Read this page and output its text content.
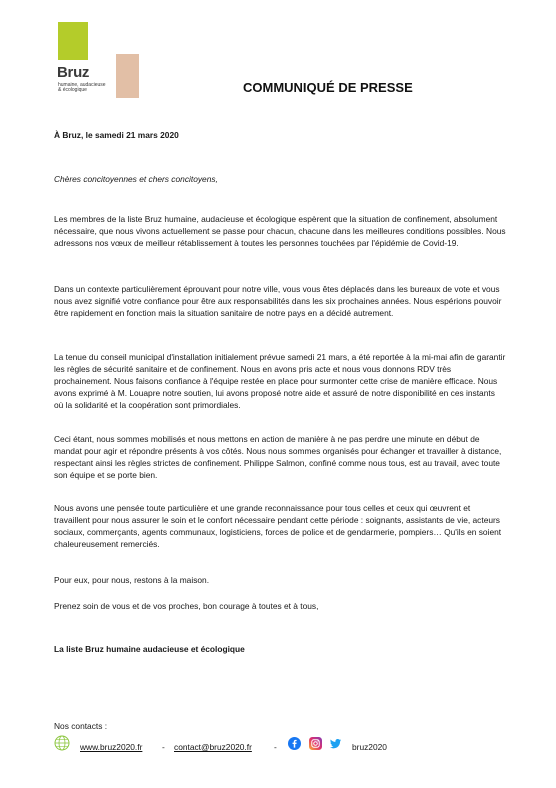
Bruz
humaine, audacieuse
& écologique	COMMUNIQUÉ DE PRESSE
À Bruz, le samedi 21 mars 2020
Chères concitoyennes et chers concitoyens,
Les membres de la liste Bruz humaine, audacieuse et écologique espèrent que la situation de confinement, absolument nécessaire, que nous vivons actuellement se passe pour chacun, chacune dans les meilleures conditions possibles. Nous adressons nos vœux de meilleur rétablissement à toutes les personnes touchées par l'épidémie de Covid-19.
Dans un contexte particulièrement éprouvant pour notre ville, vous vous êtes déplacés dans les bureaux de vote et vous nous avez signifié votre confiance pour être aux responsabilités dans les six prochaines années. Nous espérions pouvoir être rapidement en fonction mais la situation sanitaire de notre pays en a décidé autrement.
La tenue du conseil municipal d'installation initialement prévue samedi 21 mars, a été reportée à la mi-mai afin de garantir les règles de sécurité sanitaire et de confinement. Nous en avons pris acte et nous vous donnons RDV très prochainement. Nous faisons confiance à l'équipe restée en place pour surmonter cette crise de manière efficace. Nous avons exprimé à M. Louapre notre soutien, lui avons proposé notre aide et assuré de notre disponibilité en ces instants où la solidarité et la coopération sont primordiales.
Ceci étant, nous sommes mobilisés et nous mettons en action de manière à ne pas perdre une minute en début de mandat pour agir et répondre présents à vos côtés. Nous nous sommes organisés pour échanger et travailler à distance, respectant ainsi les règles strictes de confinement. Philippe Salmon, confiné comme nous tous, est au travail, avec toute son équipe et se porte bien.
Nous avons une pensée toute particulière et une grande reconnaissance pour tous celles et ceux qui œuvrent et travaillent pour nous assurer le soin et le confort nécessaire pendant cette période : soignants, assistants de vie, acteurs sociaux, commerçants, agents communaux, logisticiens, forces de police et de gendarmerie, pompiers… Qu'ils en soient chaleureusement remerciés.
Pour eux, pour nous, restons à la maison.
Prenez soin de vous et de vos proches, bon courage à toutes et à tous,
La liste Bruz humaine audacieuse et écologique
Nos contacts :
www.bruz2020.fr - contact@bruz2020.fr	-	bruz2020
